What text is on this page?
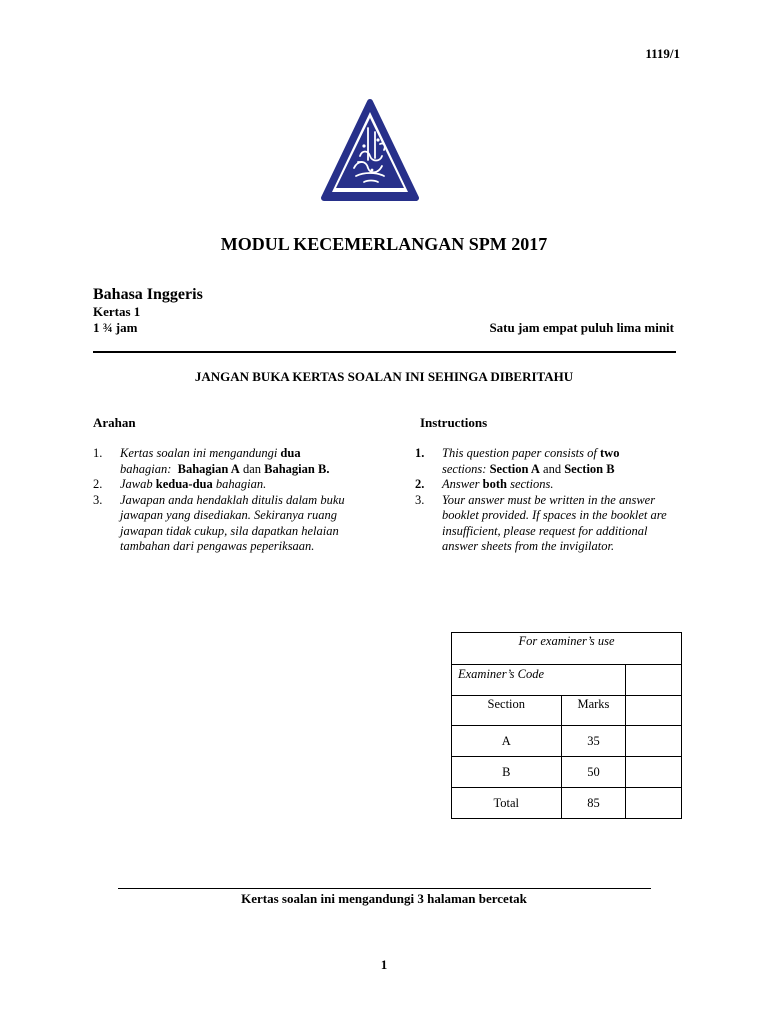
1119/1
MODUL KECEMERLANGAN SPM 2017
Bahasa Inggeris
Kertas 1
1 ¾ jam	Satu jam empat puluh lima minit
JANGAN BUKA KERTAS SOALAN INI SEHINGA DIBERITAHU
Arahan	Instructions
1. Kertas soalan ini mengandungi dua
bahagian: Bahagian A dan Bahagian B.
2. Jawab kedua-dua bahagian.
3. Jawapan anda hendaklah ditulis dalam buku jawapan yang disediakan. Sekiranya ruang jawapan tidak cukup, sila dapatkan helaian tambahan dari pengawas peperiksaan.
1. This question paper consists of two
sections: Section A and Section B
2. Answer both sections.
3. Your answer must be written in the answer booklet provided. If spaces in the booklet are insufficient, please request for additional answer sheets from the invigilator.
For examiner’s use		
Examiner’s Code		
Section	Marks	
A	35	
B	50	
Total	85	
Kertas soalan ini mengandungi 3 halaman bercetak
1
